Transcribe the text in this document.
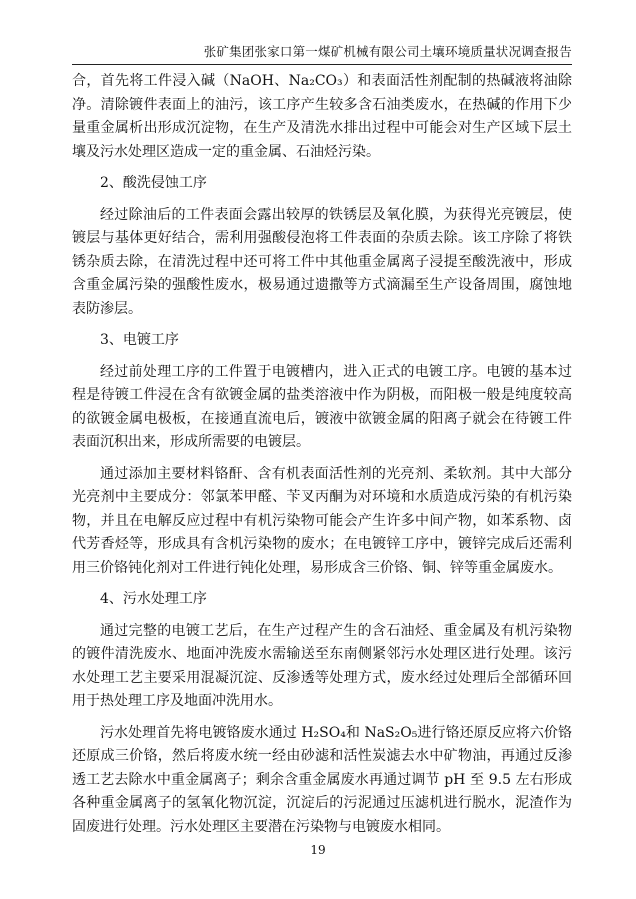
张矿集团张家口第一煤矿机械有限公司土壤环境质量状况调查报告

合，首先将工件浸入碱（NaOH、Na₂CO₃）和表面活性剂配制的热碱液将油除净。清除镀件表面上的油污，该工序产生较多含石油类废水，在热碱的作用下少量重金属析出形成沉淀物，在生产及清洗水排出过程中可能会对生产区域下层土壤及污水处理区造成一定的重金属、石油烃污染。

2、酸洗侵蚀工序

经过除油后的工件表面会露出较厚的铁锈层及氧化膜，为获得光亮镀层，使镀层与基体更好结合，需利用强酸侵泡将工件表面的杂质去除。该工序除了将铁锈杂质去除，在清洗过程中还可将工件中其他重金属离子浸提至酸洗液中，形成含重金属污染的强酸性废水，极易通过遗撒等方式滴漏至生产设备周围，腐蚀地表防渗层。

3、电镀工序

经过前处理工序的工件置于电镀槽内，进入正式的电镀工序。电镀的基本过程是待镀工件浸在含有欲镀金属的盐类溶液中作为阴极，而阳极一般是纯度较高的欲镀金属电极板，在接通直流电后，镀液中欲镀金属的阳离子就会在待镀工件表面沉积出来，形成所需要的电镀层。

通过添加主要材料铬酐、含有机表面活性剂的光亮剂、柔软剂。其中大部分光亮剂中主要成分：邻氯苯甲醛、苄叉丙酮为对环境和水质造成污染的有机污染物，并且在电解反应过程中有机污染物可能会产生许多中间产物，如苯系物、卤代芳香烃等，形成具有含机污染物的废水；在电镀锌工序中，镀锌完成后还需利用三价铬钝化剂对工件进行钝化处理，易形成含三价铬、铜、锌等重金属废水。

4、污水处理工序

通过完整的电镀工艺后，在生产过程产生的含石油烃、重金属及有机污染物的镀件清洗废水、地面冲洗废水需输送至东南侧紧邻污水处理区进行处理。该污水处理工艺主要采用混凝沉淀、反渗透等处理方式，废水经过处理后全部循环回用于热处理工序及地面冲洗用水。

污水处理首先将电镀铬废水通过 H₂SO₄和 NaS₂O₅进行铬还原反应将六价铬还原成三价铬，然后将废水统一经由砂滤和活性炭滤去水中矿物油，再通过反渗透工艺去除水中重金属离子；剩余含重金属废水再通过调节 pH 至 9.5 左右形成各种重金属离子的氢氧化物沉淀，沉淀后的污泥通过压滤机进行脱水，泥渣作为固废进行处理。污水处理区主要潜在污染物与电镀废水相同。

19
